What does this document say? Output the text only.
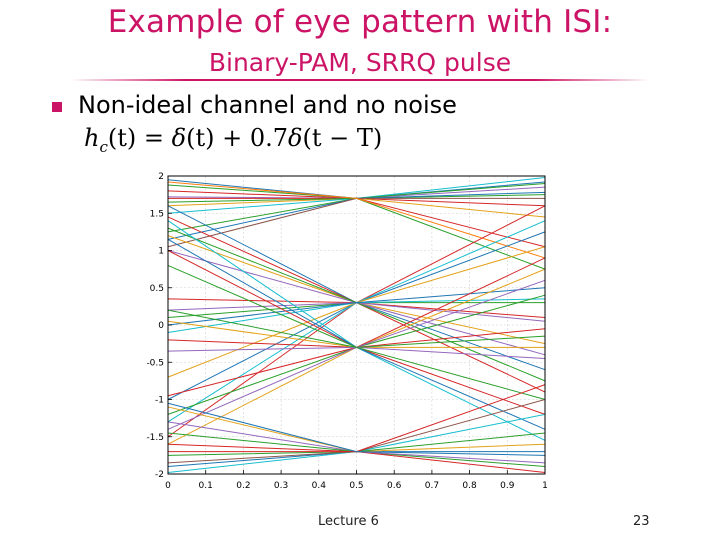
Example of eye pattern with ISI:
Binary-PAM, SRRQ pulse
Non-ideal channel and no noise
$h_c(t) = \delta(t) + 0.7\delta(t - T)$
0	0.1	0.2	0.3	0.4	0.5	0.6	0.7	0.8	0.9	1
2
1.5
1
0.5
0
-0.5
-1
-1.5
-2
Lecture 6	23
